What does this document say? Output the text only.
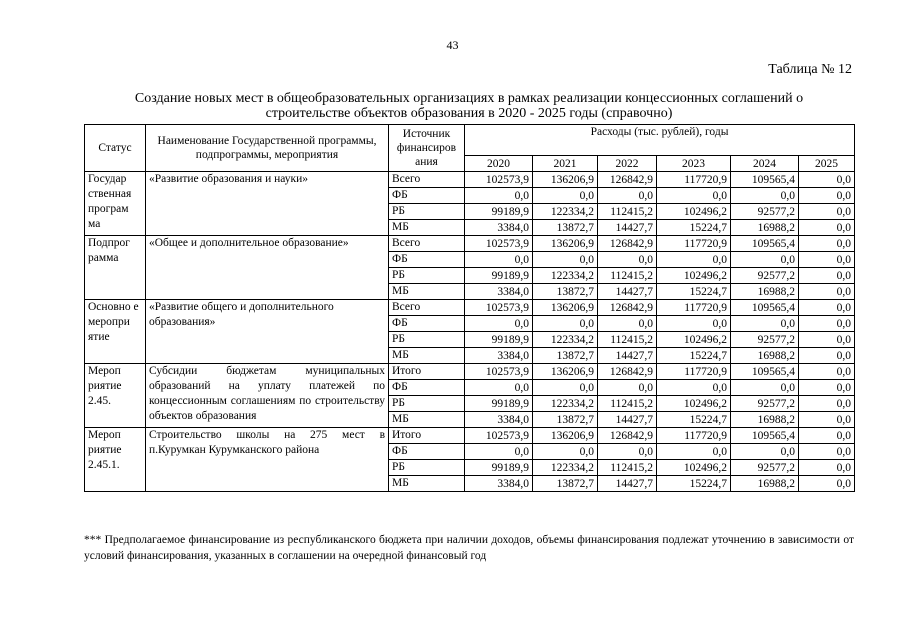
43
Таблица № 12
Создание новых мест в общеобразовательных организациях в рамках реализации концессионных соглашений о
строительстве объектов образования в 2020 - 2025 годы (справочно)
Статус	Наименование Государственной программы, подпрограммы, мероприятия	Источник финансиров ания	Расходы (тыс. рублей), годы					
			2020	2021	2022	2023	2024	2025
Государ ственная програм ма	«Развитие образования и науки»	Всего	102573,9	136206,9	126842,9	117720,9	109565,4	0,0
		ФБ	0,0	0,0	0,0	0,0	0,0	0,0
		РБ	99189,9	122334,2	112415,2	102496,2	92577,2	0,0
		МБ	3384,0	13872,7	14427,7	15224,7	16988,2	0,0
Подпрог рамма	«Общее и дополнительное образование»	Всего	102573,9	136206,9	126842,9	117720,9	109565,4	0,0
		ФБ	0,0	0,0	0,0	0,0	0,0	0,0
		РБ	99189,9	122334,2	112415,2	102496,2	92577,2	0,0
		МБ	3384,0	13872,7	14427,7	15224,7	16988,2	0,0
Основно е меропри ятие	«Развитие общего и дополнительного образования»	Всего	102573,9	136206,9	126842,9	117720,9	109565,4	0,0
		ФБ	0,0	0,0	0,0	0,0	0,0	0,0
		РБ	99189,9	122334,2	112415,2	102496,2	92577,2	0,0
		МБ	3384,0	13872,7	14427,7	15224,7	16988,2	0,0
Мероп риятие 2.45.	Субсидии бюджетам муниципальных образований на уплату платежей по концессионным соглашениям по строительству объектов образования	Итого	102573,9	136206,9	126842,9	117720,9	109565,4	0,0
		ФБ	0,0	0,0	0,0	0,0	0,0	0,0
		РБ	99189,9	122334,2	112415,2	102496,2	92577,2	0,0
		МБ	3384,0	13872,7	14427,7	15224,7	16988,2	0,0
Мероп риятие 2.45.1.	Строительство школы на 275 мест в п.Курумкан Курумканского района	Итого	102573,9	136206,9	126842,9	117720,9	109565,4	0,0
		ФБ	0,0	0,0	0,0	0,0	0,0	0,0
		РБ	99189,9	122334,2	112415,2	102496,2	92577,2	0,0
		МБ	3384,0	13872,7	14427,7	15224,7	16988,2	0,0
*** Предполагаемое финансирование из республиканского бюджета при наличии доходов, объемы финансирования подлежат уточнению в зависимости от условий финансирования, указанных в соглашении на очередной финансовый год
